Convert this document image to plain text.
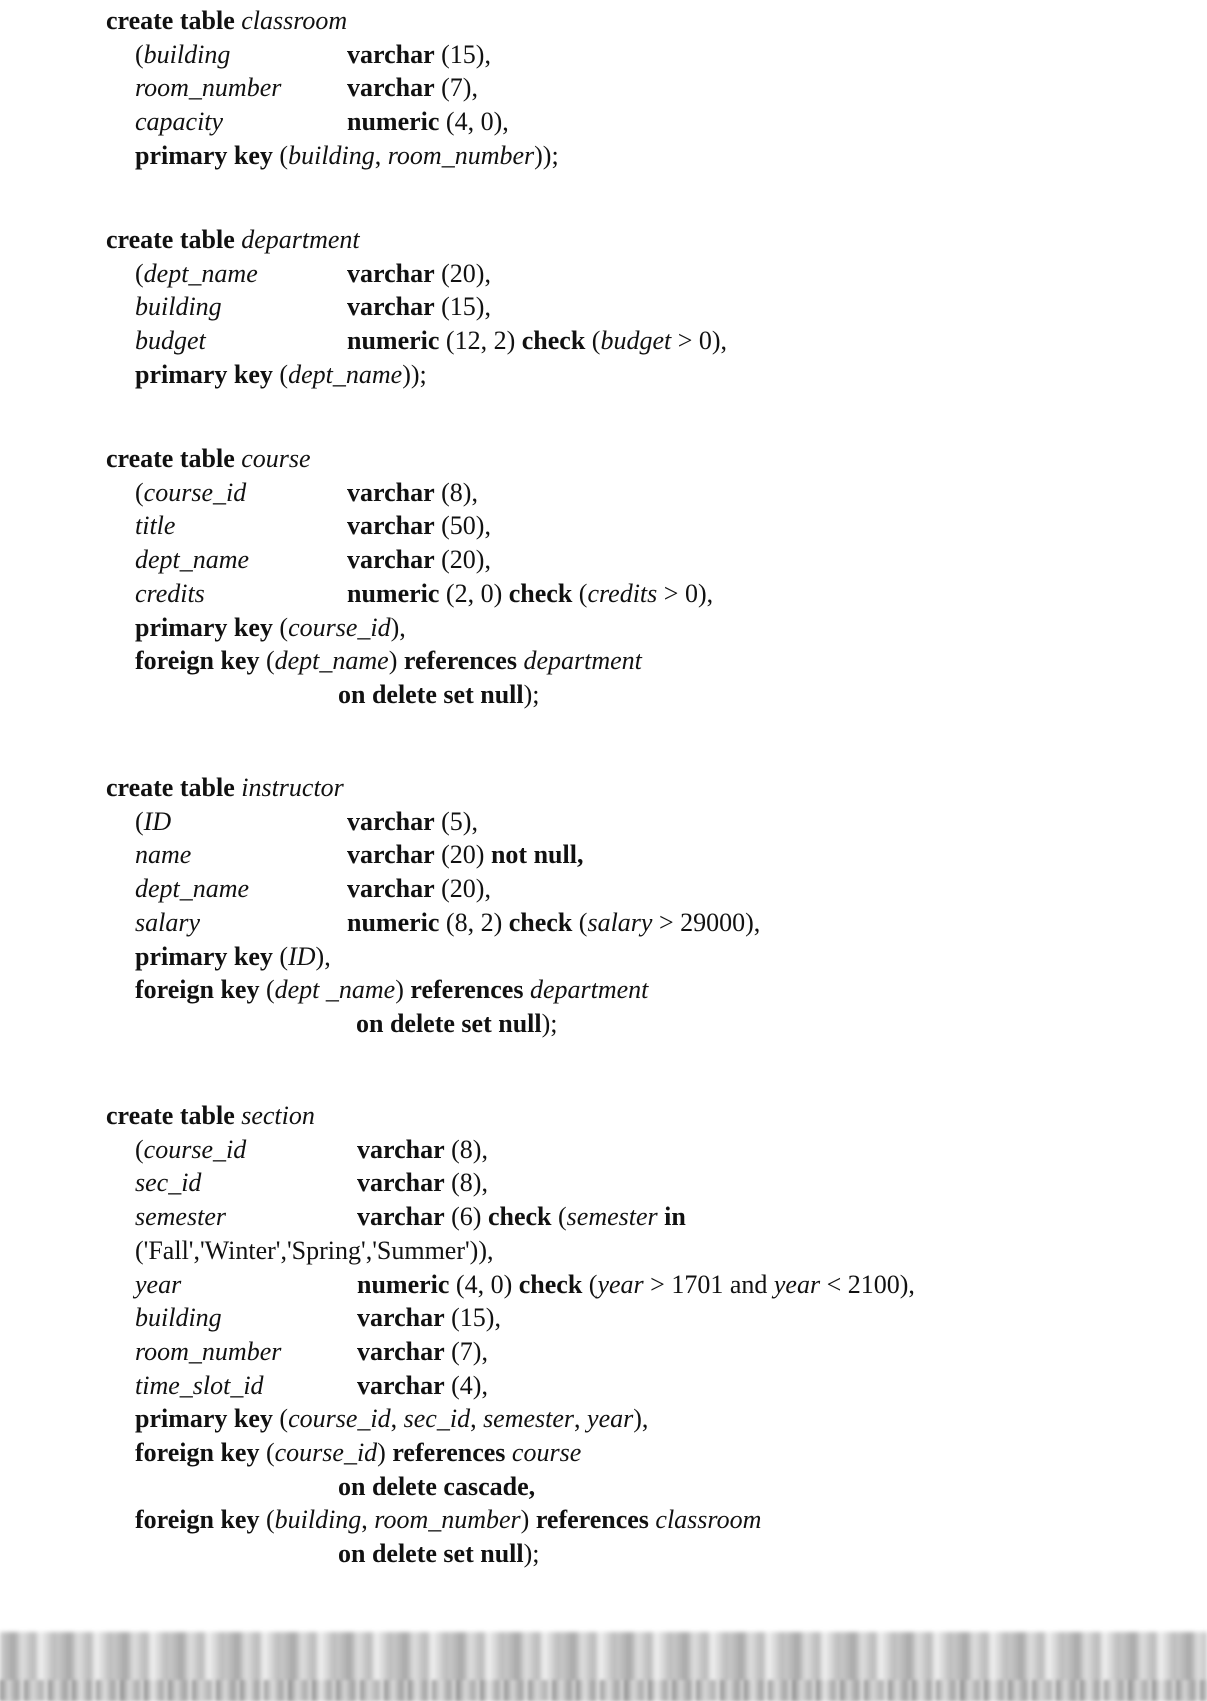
create table classroom
(building	varchar (15),
room_number	varchar (7),
capacity	numeric (4, 0),
primary key (building, room_number));
create table department
(dept_name	varchar (20),
building	varchar (15),
budget	numeric (12, 2) check (budget > 0),
primary key (dept_name));
create table course
(course_id	varchar (8),
title	varchar (50),
dept_name	varchar (20),
credits	numeric (2, 0) check (credits > 0),
primary key (course_id),
foreign key (dept_name) references department
on delete set null);
create table instructor
(ID	varchar (5),
name	varchar (20) not null,
dept_name	varchar (20),
salary	numeric (8, 2) check (salary > 29000),
primary key (ID),
foreign key (dept _name) references department
on delete set null);
create table section
(course_id	varchar (8),
sec_id	varchar (8),
semester	varchar (6) check (semester in
('Fall','Winter','Spring','Summer')),
year	numeric (4, 0) check (year > 1701 and year < 2100),
building	varchar (15),
room_number	varchar (7),
time_slot_id	varchar (4),
primary key (course_id, sec_id, semester, year),
foreign key (course_id) references course
on delete cascade,
foreign key (building, room_number) references classroom
on delete set null);
